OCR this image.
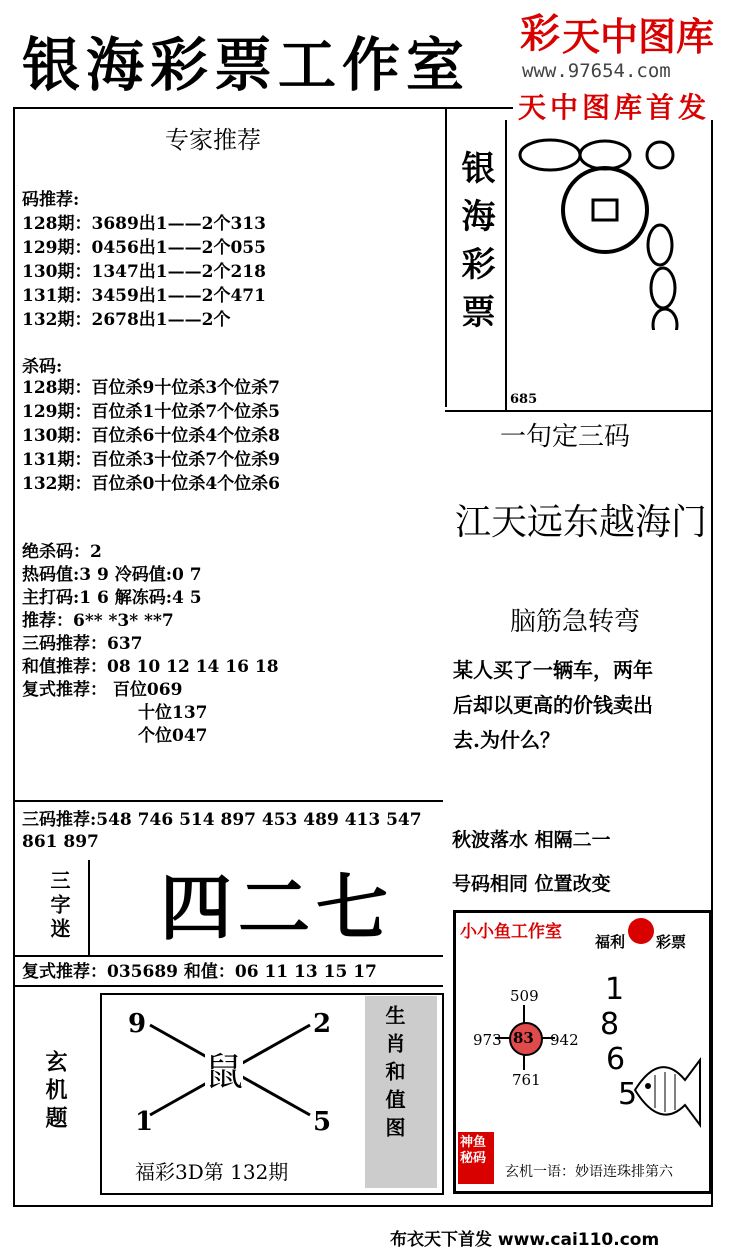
银海彩票工作室 彩 天中图库
www.97654.com
天中图库首发
专家推荐
码推荐:
128期：3689出1——2个313
129期：0456出1——2个055
130期：1347出1——2个218
131期：3459出1——2个471
132期：2678出1——2个
杀码:
128期：百位杀9十位杀3个位杀7
129期：百位杀1十位杀7个位杀5
130期：百位杀6十位杀4个位杀8
131期：百位杀3十位杀7个位杀9
132期：百位杀0十位杀4个位杀6
银海彩票
685
一句定三码
江天远东越海门
脑筋急转弯
某人买了一辆车，两年
后却以更高的价钱卖出
去.为什么？
绝杀码：2
热码值:3 9 冷码值:0 7
主打码:1 6 解冻码:4 5
推荐：6** *3* **7
三码推荐：637
和值推荐：08 10 12 14 16 18
复式推荐： 百位069
十位137
个位047
三码推荐:548 746 514 897 453 489 413 547
861 897	秋波落水 相隔二一
号码相同 位置改变
三字迷 四二七
复式推荐：035689 和值：06 11 13 15 17
玄机题
9	2
1	5
鼠
福彩3D第 132期
生肖和值图
小小鱼工作室 福利 彩票
83
509
973	942
761
1
8
6
5
神鱼秘码
玄机一语：妙语连珠排第六
布衣天下首发 www.cai110.com
